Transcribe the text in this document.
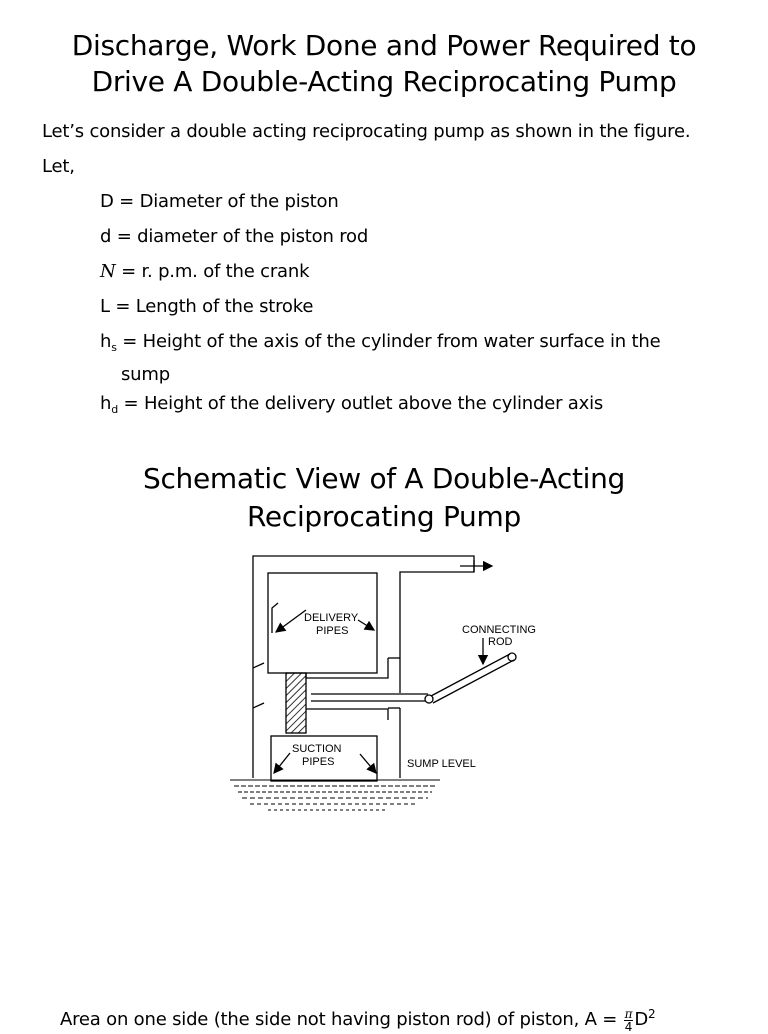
Discharge, Work Done and Power Required to
Drive A Double-Acting Reciprocating Pump
Let’s consider a double acting reciprocating pump as shown in the figure.
Let,
D = Diameter of the piston
d = diameter of the piston rod
N = r. p.m. of the crank
L = Length of the stroke
$h_s$ = Height of the axis of the cylinder from water surface in the
sump
$h_d$ = Height of the delivery outlet above the cylinder axis
Schematic View of A Double-Acting
Reciprocating Pump
DELIVERY
PIPES	CONNECTING
ROD
SUCTION
PIPES	SUMP LEVEL
Area on one side (the side not having piston rod) of piston, $A = \frac{\pi}{4} D^2$
